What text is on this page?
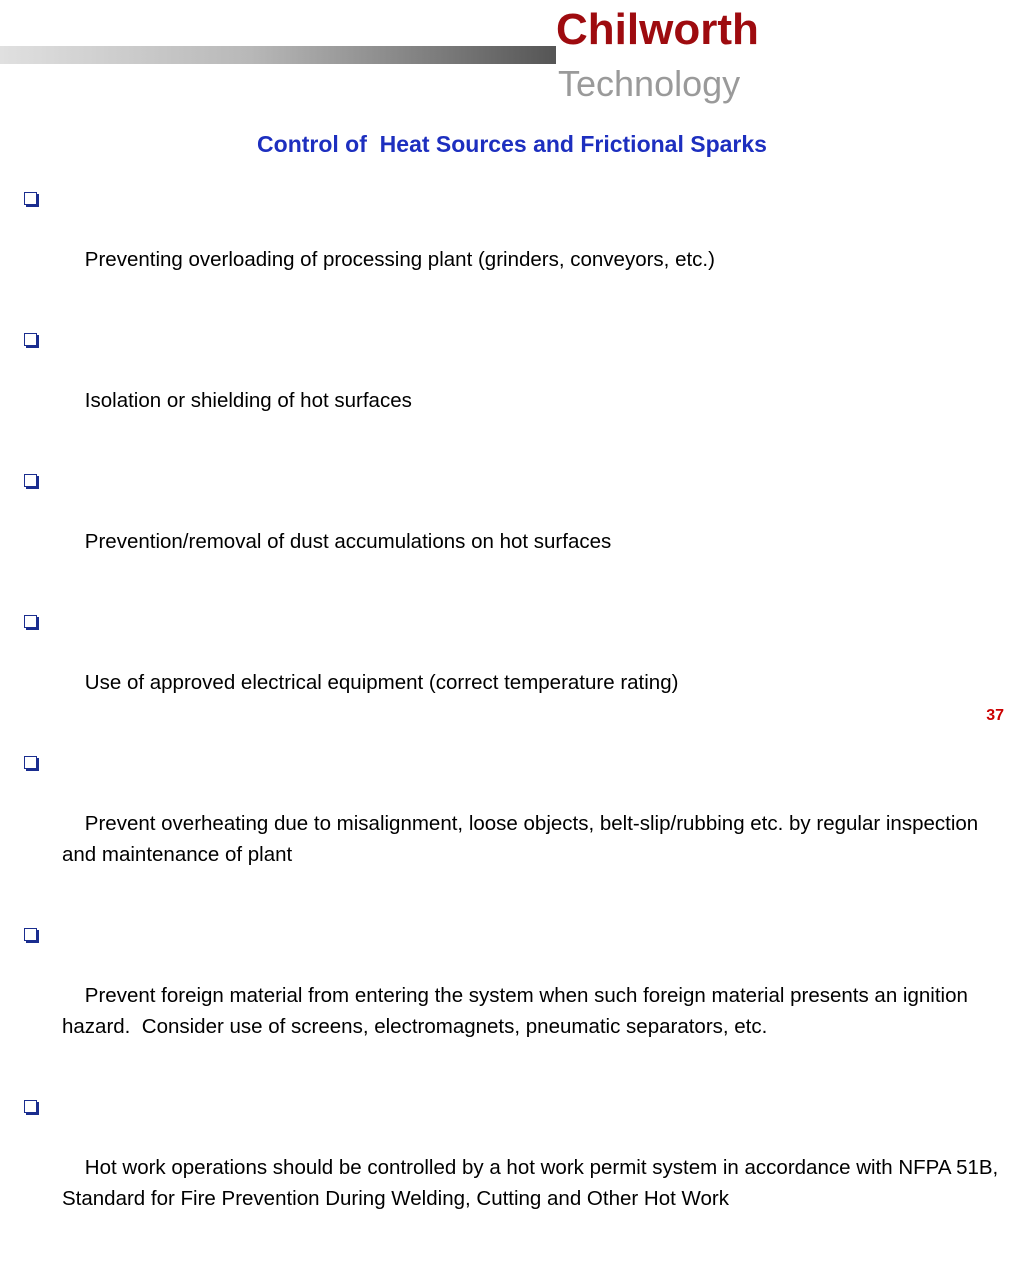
Chilworth
Technology
Control of  Heat Sources and Frictional Sparks

Preventing overloading of processing plant (grinders, conveyors, etc.)

Isolation or shielding of hot surfaces

Prevention/removal of dust accumulations on hot surfaces

Use of approved electrical equipment (correct temperature rating)

Prevent overheating due to misalignment, loose objects, belt-slip/rubbing etc. by regular inspection and maintenance of plant

Prevent foreign material from entering the system when such foreign material presents an ignition hazard.  Consider use of screens, electromagnets, pneumatic separators, etc.

Hot work operations should be controlled by a hot work permit system in accordance with NFPA 51B, Standard for Fire Prevention During Welding, Cutting and Other Hot Work

37
